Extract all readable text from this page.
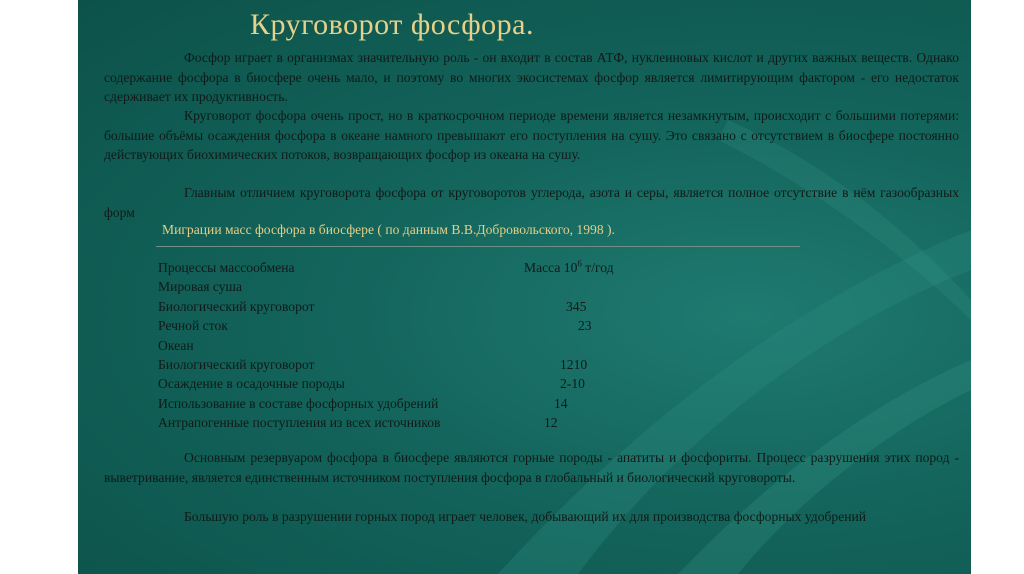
Круговорот фосфора.
Фосфор играет в организмах значительную роль - он входит в состав АТФ, нуклеиновых кислот и других важных веществ. Однако содержание фосфора в биосфере очень мало, и поэтому во многих экосистемах фосфор является лимитирующим фактором - его недостаток сдерживает их продуктивность.
Круговорот фосфора очень прост, но в краткосрочном периоде времени является незамкнутым, происходит с большими потерями: большие объёмы осаждения фосфора в океане намного превышают его поступления на сушу. Это связано с отсутствием в биосфере постоянно действующих биохимических потоков, возвращающих фосфор из океана на сушу.
Главным отличием круговорота фосфора от круговоротов углерода, азота и серы, является полное отсутствие в нём газообразных форм
Миграции масс фосфора в биосфере ( по данным В.В.Добровольского, 1998 ).
Процессы массообмена	Масса $10^6$ т/год
Мировая суша
Биологический круговорот	345
Речной сток	23
Океан
Биологический круговорот	1210
Осаждение в осадочные породы	2-10
Использование в составе фосфорных удобрений	14
Антрапогенные поступления из всех источников	12
Основным резервуаром фосфора в биосфере являются горные породы - апатиты и фосфориты. Процесс разрушения этих пород - выветривание, является единственным источником поступления фосфора в глобальный и биологический круговороты.
Большую роль в разрушении горных пород играет человек, добывающий их для производства фосфорных удобрений
